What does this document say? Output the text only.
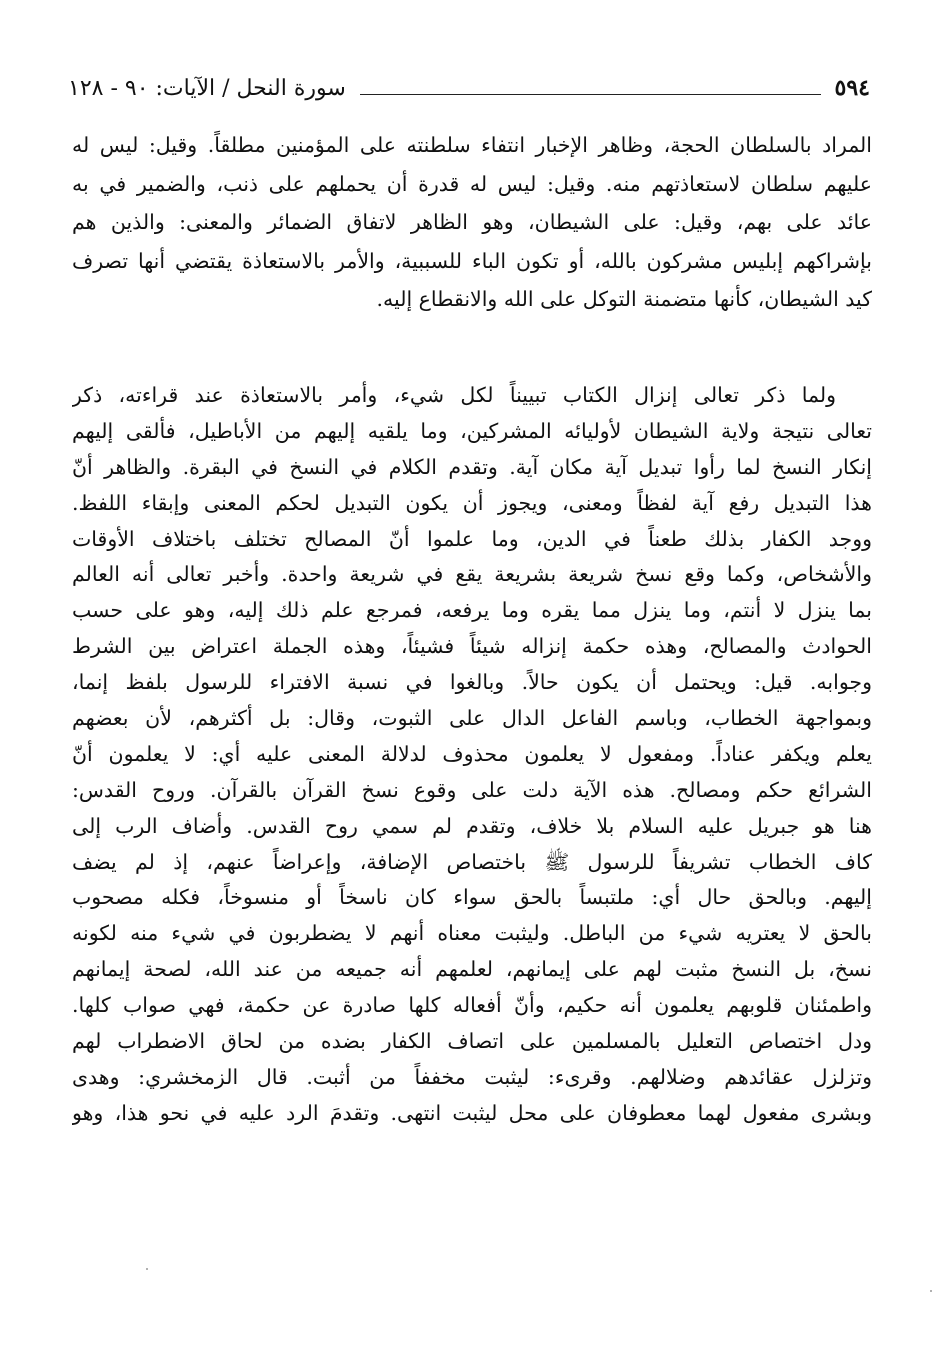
٥٩٤
سورة النحل / الآيات: ٩٠ - ١٢٨
المراد بالسلطان الحجة، وظاهر الإخبار انتفاء سلطنته على المؤمنين مطلقاً. وقيل: ليس له
عليهم سلطان لاستعاذتهم منه. وقيل: ليس له قدرة أن يحملهم على ذنب، والضمير في به
عائد على بهم، وقيل: على الشيطان، وهو الظاهر لاتفاق الضمائر والمعنى: والذين هم
بإشراكهم إبليس مشركون بالله، أو تكون الباء للسببية، والأمر بالاستعاذة يقتضي أنها تصرف
كيد الشيطان، كأنها متضمنة التوكل على الله والانقطاع إليه.
ولما ذكر تعالى إنزال الكتاب تبييناً لكل شيء، وأمر بالاستعاذة عند قراءته، ذكر
تعالى نتيجة ولاية الشيطان لأوليائه المشركين، وما يلقيه إليهم من الأباطيل، فألقى إليهم
إنكار النسخ لما رأوا تبديل آية مكان آية. وتقدم الكلام في النسخ في البقرة. والظاهر أنّ
هذا التبديل رفع آية لفظاً ومعنى، ويجوز أن يكون التبديل لحكم المعنى وإبقاء اللفظ.
ووجد الكفار بذلك طعناً في الدين، وما علموا أنّ المصالح تختلف باختلاف الأوقات
والأشخاص، وكما وقع نسخ شريعة بشريعة يقع في شريعة واحدة. وأخبر تعالى أنه العالم
بما ينزل لا أنتم، وما ينزل مما يقره وما يرفعه، فمرجع علم ذلك إليه، وهو على حسب
الحوادث والمصالح، وهذه حكمة إنزاله شيئاً فشيئاً، وهذه الجملة اعتراض بين الشرط
وجوابه. قيل: ويحتمل أن يكون حالاً. وبالغوا في نسبة الافتراء للرسول بلفظ إنما،
وبمواجهة الخطاب، وباسم الفاعل الدال على الثبوت، وقال: بل أكثرهم، لأن بعضهم
يعلم ويكفر عناداً. ومفعول لا يعلمون محذوف لدلالة المعنى عليه أي: لا يعلمون أنّ
الشرائع حكم ومصالح. هذه الآية دلت على وقوع نسخ القرآن بالقرآن. وروح القدس:
هنا هو جبريل عليه السلام بلا خلاف، وتقدم لم سمي روح القدس. وأضاف الرب إلى
كاف الخطاب تشريفاً للرسول ﷺ باختصاص الإضافة، وإعراضاً عنهم، إذ لم يضف
إليهم. وبالحق حال أي: ملتبساً بالحق سواء كان ناسخاً أو منسوخاً، فكله مصحوب
بالحق لا يعتريه شيء من الباطل. وليثبت معناه أنهم لا يضطربون في شيء منه لكونه
نسخ، بل النسخ مثبت لهم على إيمانهم، لعلمهم أنه جميعه من عند الله، لصحة إيمانهم
واطمئنان قلوبهم يعلمون أنه حكيم، وأنّ أفعاله كلها صادرة عن حكمة، فهي صواب كلها.
ودل اختصاص التعليل بالمسلمين على اتصاف الكفار بضده من لحاق الاضطراب لهم
وتزلزل عقائدهم وضلالهم. وقرىء: ليثبت مخففاً من أثبت. قال الزمخشري: وهدى
وبشرى مفعول لهما معطوفان على محل ليثبت انتهى. وتقدمَ الرد عليه في نحو هذا، وهو
